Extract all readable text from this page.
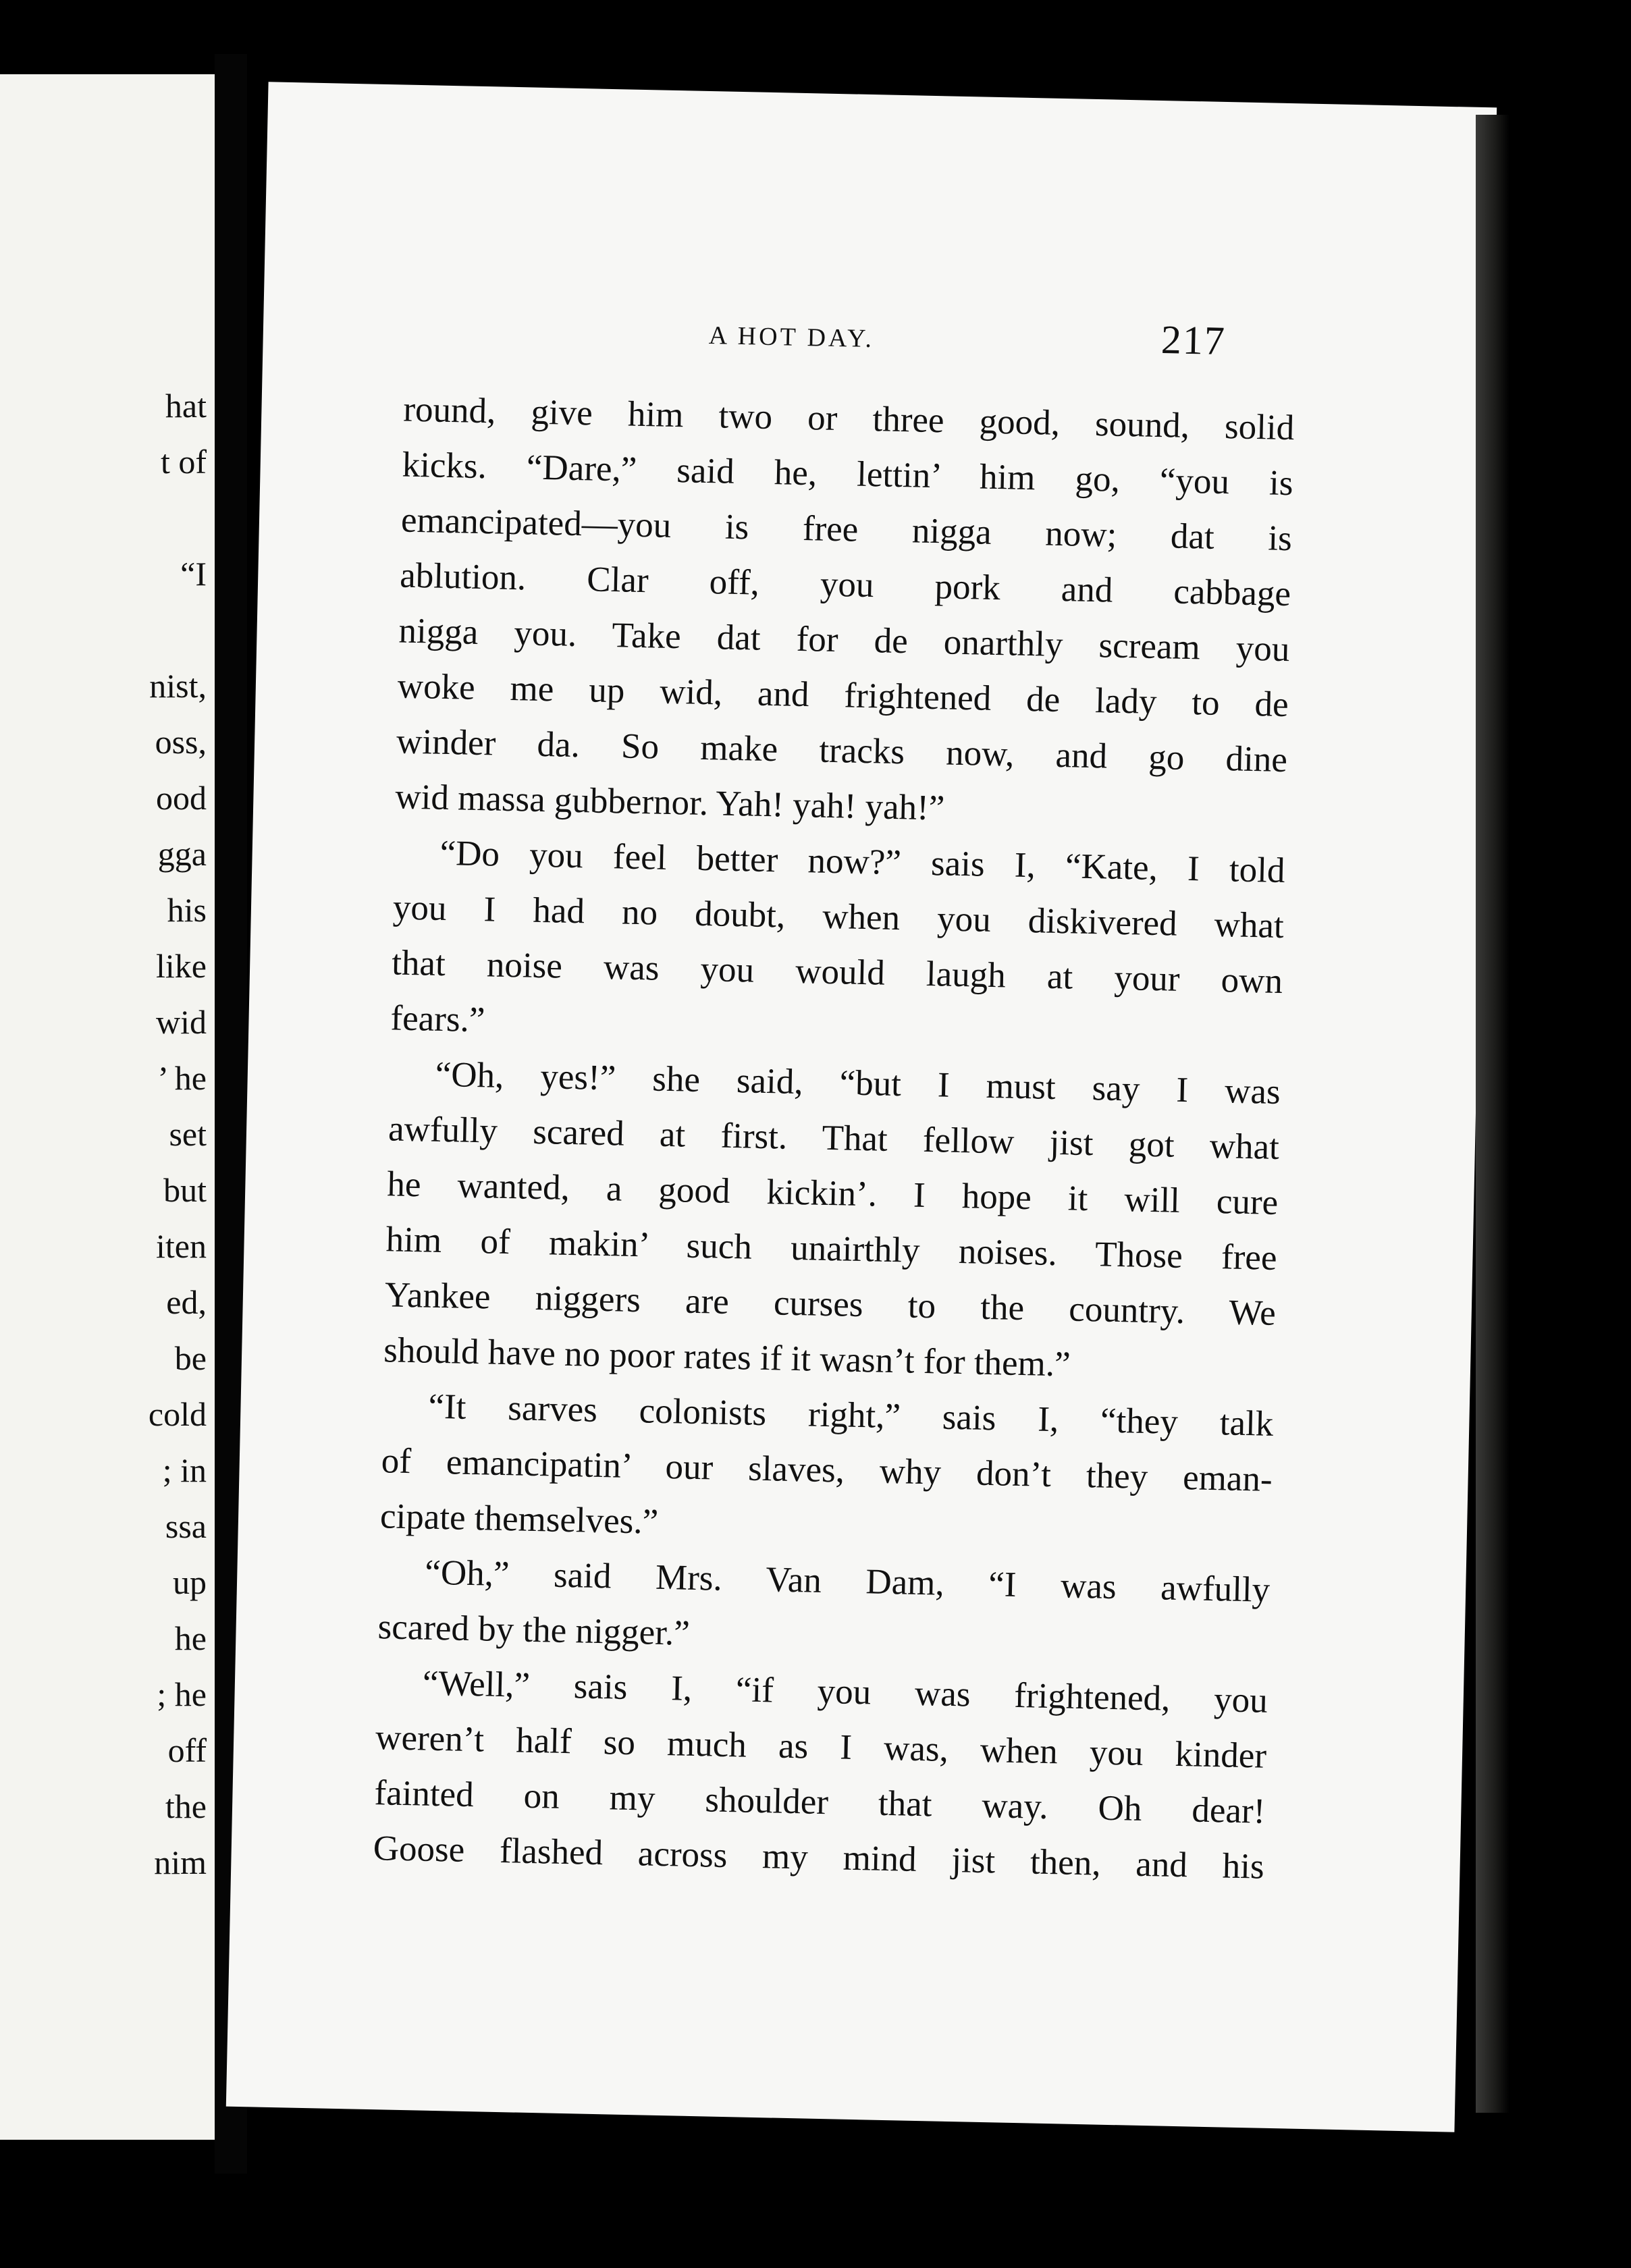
hat
t of
“I
nist,
oss,
ood
gga
his
like
wid
’ he
set
but
iten
ed,
be
cold
; in
ssa
up
he
; he
off
the
nim
A HOT DAY.	217
round, give him two or three good, sound, solid
kicks. “Dare,” said he, lettin’ him go, “you is
emancipated—you is free nigga now; dat is
ablution. Clar off, you pork and cabbage
nigga you. Take dat for de onarthly scream you
woke me up wid, and frightened de lady to de
winder da. So make tracks now, and go dine
wid massa gubbernor. Yah! yah! yah!”
“Do you feel better now?” sais I, “Kate, I told
you I had no doubt, when you diskivered what
that noise was you would laugh at your own
fears.”
“Oh, yes!” she said, “but I must say I was
awfully scared at first. That fellow jist got what
he wanted, a good kickin’. I hope it will cure
him of makin’ such unairthly noises. Those free
Yankee niggers are curses to the country. We
should have no poor rates if it wasn’t for them.”
“It sarves colonists right,” sais I, “they talk
of emancipatin’ our slaves, why don’t they eman-
cipate themselves.”
“Oh,” said Mrs. Van Dam, “I was awfully
scared by the nigger.”
“Well,” sais I, “if you was frightened, you
weren’t half so much as I was, when you kinder
fainted on my shoulder that way. Oh dear!
Goose flashed across my mind jist then, and his
